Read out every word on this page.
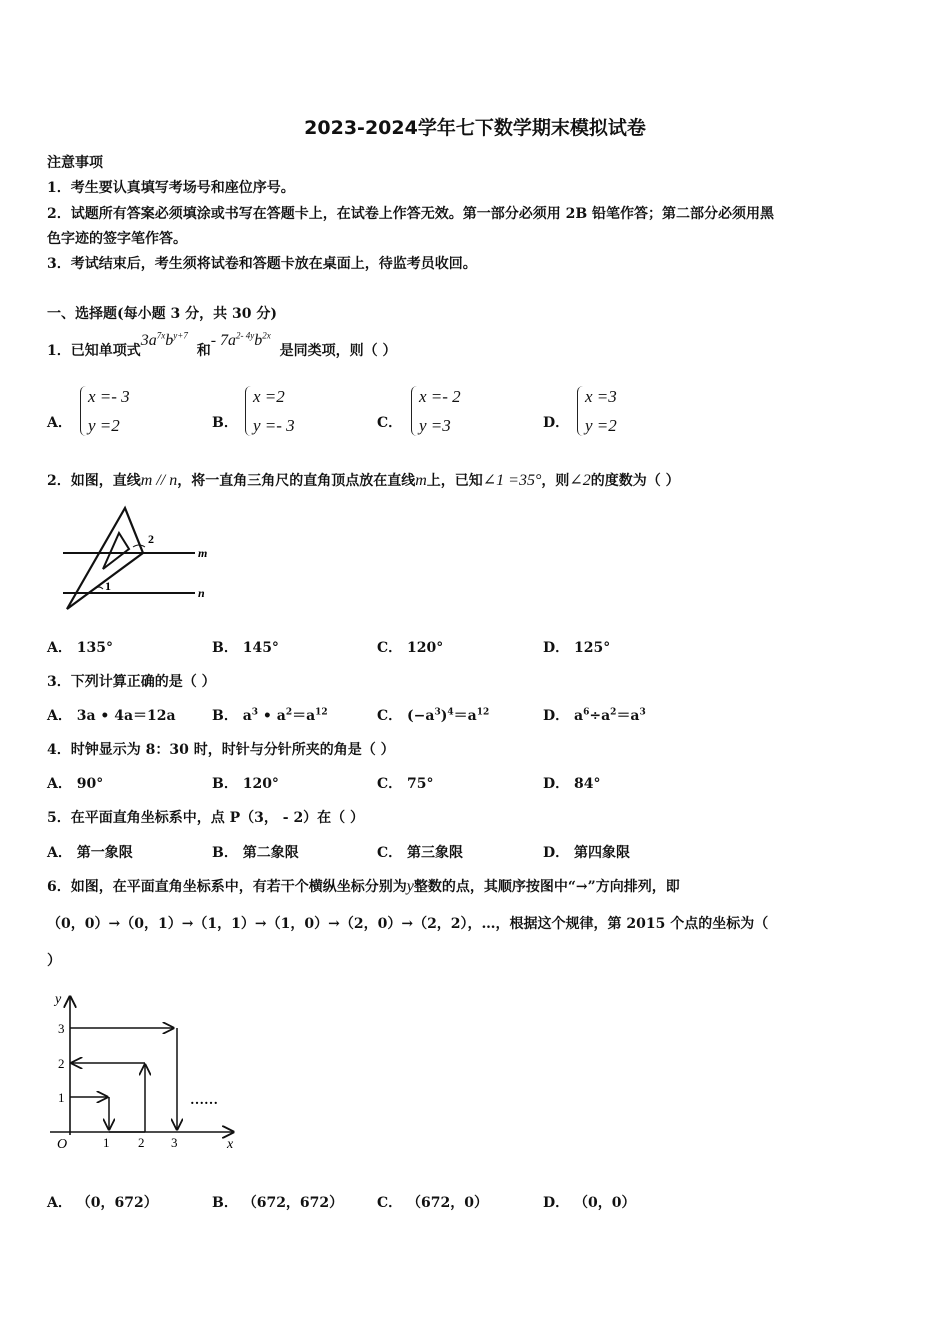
2023-2024学年七下数学期末模拟试卷
注意事项
1．考生要认真填写考场号和座位序号。
2．试题所有答案必须填涂或书写在答题卡上，在试卷上作答无效。第一部分必须用 2B 铅笔作答；第二部分必须用黑
色字迹的签字笔作答。
3．考试结束后，考生须将试卷和答题卡放在桌面上，待监考员收回。
一、选择题(每小题 3 分，共 30 分)
1．已知单项式$3a^{7x}b^{y+7}$ 和- $7a^{2- 4y}b^{2x}$ 是同类项，则（ ）
A．
x =- 3
y =2	B．
x =2
y =- 3	C．
x =- 2
y =3	D．
x =3
y =2
2．如图，直线m // n，将一直角三角尺的直角顶点放在直线m上，已知∠1 =35°，则∠2的度数为（ ）
2
1
m
n
A． 135°	B． 145°	C． 120°	D． 125°
3．下列计算正确的是（ ）
A． 3a • 4a＝12a	B． $a^3$ • $a^2=a^{12}$	C． $(-a^3)^4=a^{12}$	D． $a^6\div a^2=a^3$
4．时钟显示为 8：30 时，时针与分针所夹的角是（ ）
A． 90°	B． 120°	C． 75°	D． 84°
5．在平面直角坐标系中，点 P（3， - 2）在（ ）
A． 第一象限	B． 第二象限	C． 第三象限	D． 第四象限
6．如图，在平面直角坐标系中，有若干个横纵坐标分别为y整数的点，其顺序按图中“→”方向排列，即
（0，0）→（0，1）→（1，1）→（1，0）→（2，0）→（2，2），…，根据这个规律，第 2015 个点的坐标为（
）
y
x
O
1
2
3
1 2 3
……
A． （0，672）	B． （672，672） C． （672，0）	D． （0，0）
